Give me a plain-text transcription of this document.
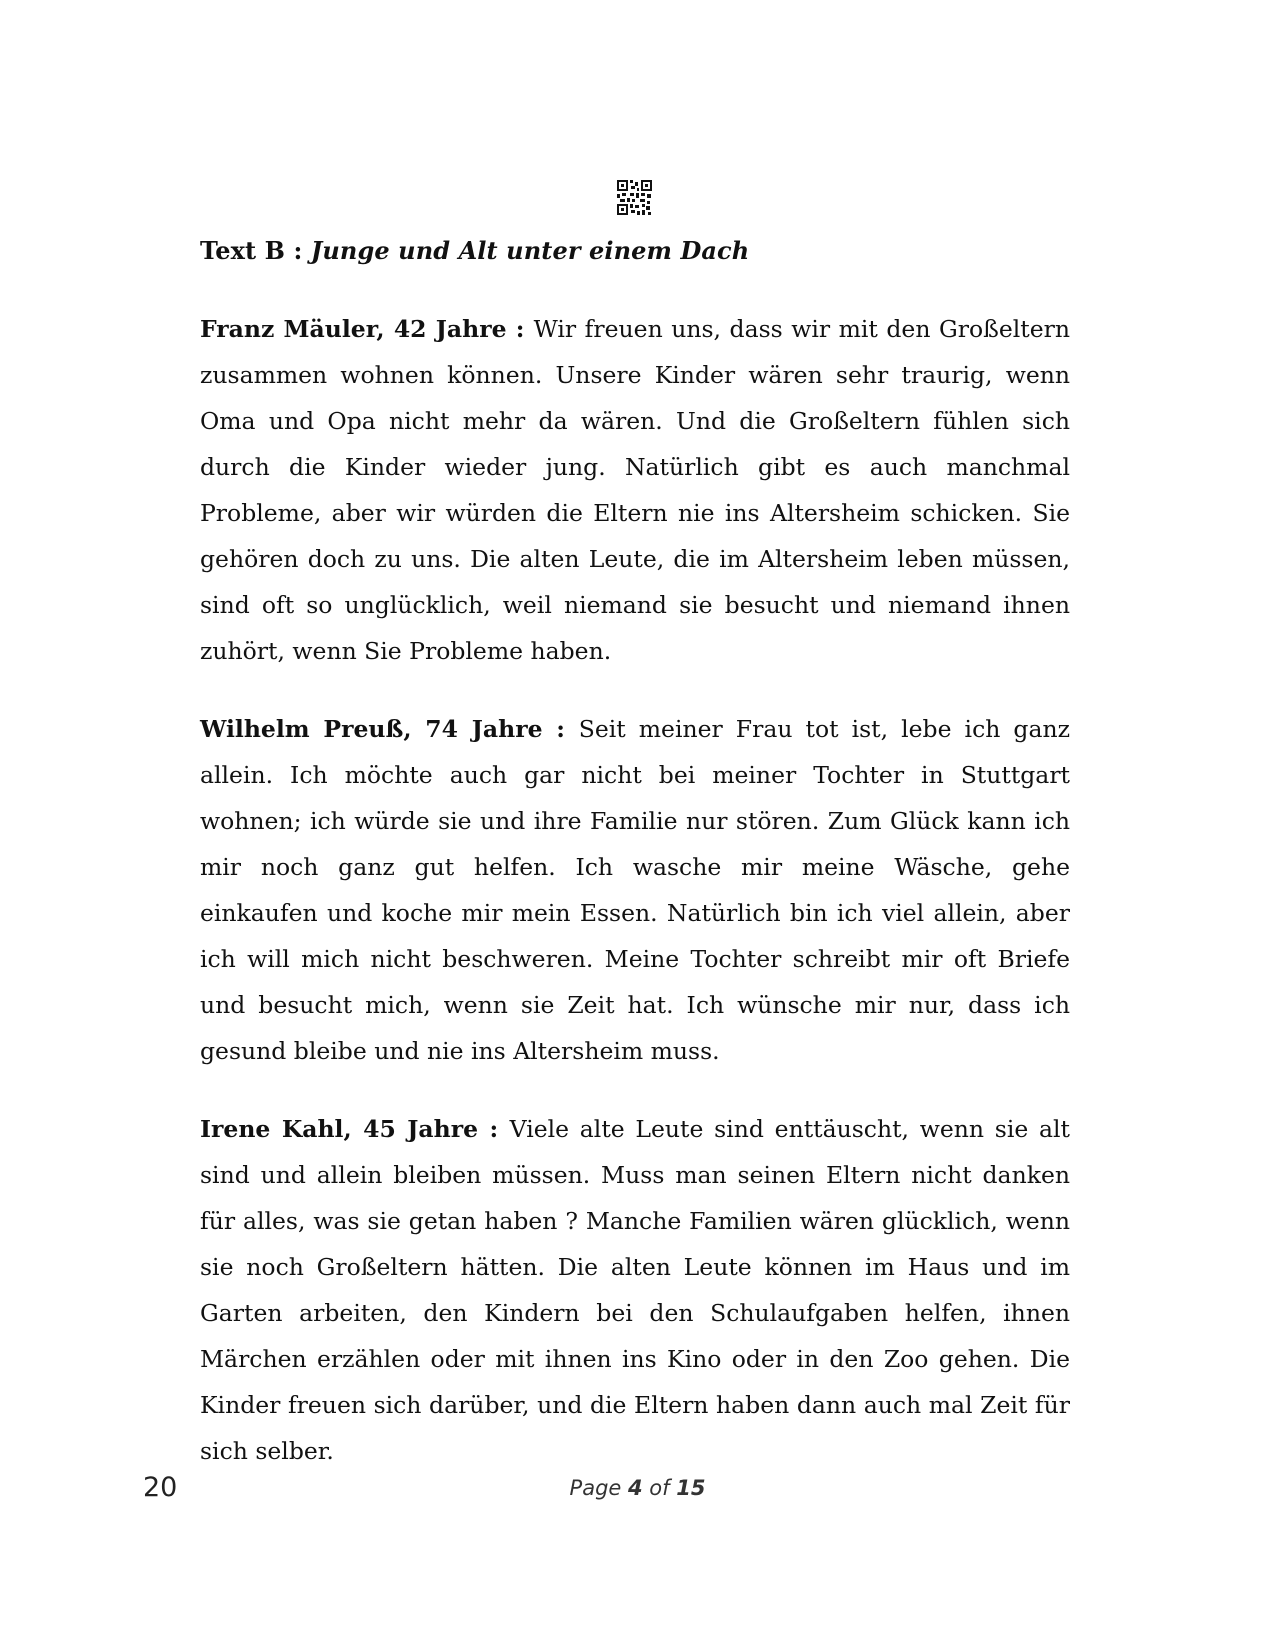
Text B : Junge und Alt unter einem Dach
Franz Mäuler, 42 Jahre : Wir freuen uns, dass wir mit den Großeltern zusammen wohnen können. Unsere Kinder wären sehr traurig, wenn Oma und Opa nicht mehr da wären. Und die Großeltern fühlen sich durch die Kinder wieder jung. Natürlich gibt es auch manchmal Probleme, aber wir würden die Eltern nie ins Altersheim schicken. Sie gehören doch zu uns. Die alten Leute, die im Altersheim leben müssen, sind oft so unglücklich, weil niemand sie besucht und niemand ihnen zuhört, wenn Sie Probleme haben.
Wilhelm Preuß, 74 Jahre : Seit meiner Frau tot ist, lebe ich ganz allein. Ich möchte auch gar nicht bei meiner Tochter in Stuttgart wohnen; ich würde sie und ihre Familie nur stören. Zum Glück kann ich mir noch ganz gut helfen. Ich wasche mir meine Wäsche, gehe einkaufen und koche mir mein Essen. Natürlich bin ich viel allein, aber ich will mich nicht beschweren. Meine Tochter schreibt mir oft Briefe und besucht mich, wenn sie Zeit hat. Ich wünsche mir nur, dass ich gesund bleibe und nie ins Altersheim muss.
Irene Kahl, 45 Jahre : Viele alte Leute sind enttäuscht, wenn sie alt sind und allein bleiben müssen. Muss man seinen Eltern nicht danken für alles, was sie getan haben ? Manche Familien wären glücklich, wenn sie noch Großeltern hätten. Die alten Leute können im Haus und im Garten arbeiten, den Kindern bei den Schulaufgaben helfen, ihnen Märchen erzählen oder mit ihnen ins Kino oder in den Zoo gehen. Die Kinder freuen sich darüber, und die Eltern haben dann auch mal Zeit für sich selber.
20	Page 4 of 15
